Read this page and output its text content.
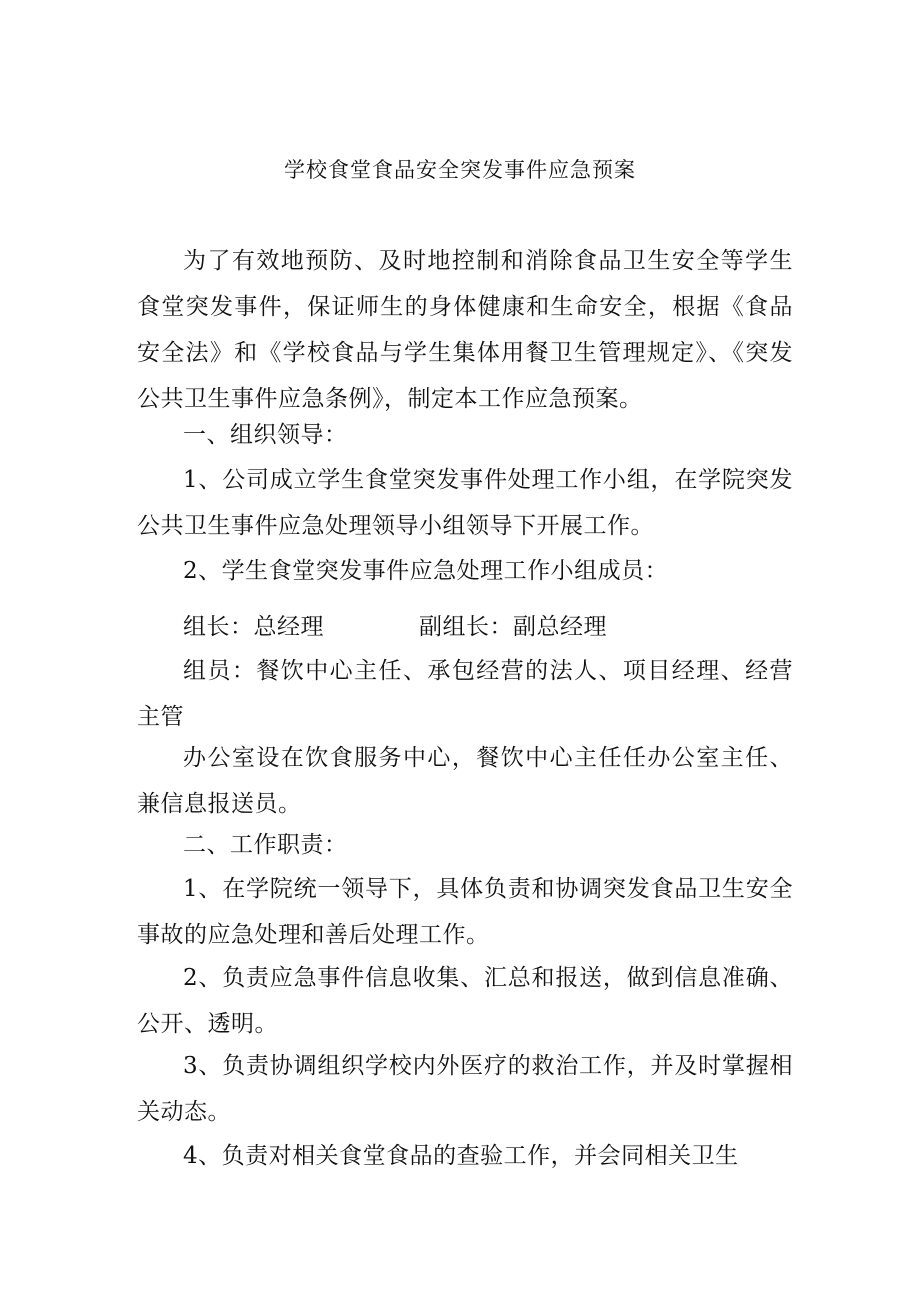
学校食堂食品安全突发事件应急预案

为了有效地预防、及时地控制和消除食品卫生安全等学生食堂突发事件，保证师生的身体健康和生命安全，根据《食品安全法》和《学校食品与学生集体用餐卫生管理规定》、《突发公共卫生事件应急条例》，制定本工作应急预案。

一、组织领导：

1、公司成立学生食堂突发事件处理工作小组，在学院突发公共卫生事件应急处理领导小组领导下开展工作。

2、学生食堂突发事件应急处理工作小组成员：

组长：总经理	副组长：副总经理

组员：餐饮中心主任、承包经营的法人、项目经理、经营主管

办公室设在饮食服务中心，餐饮中心主任任办公室主任、兼信息报送员。

二、工作职责：

1、在学院统一领导下，具体负责和协调突发食品卫生安全事故的应急处理和善后处理工作。

2、负责应急事件信息收集、汇总和报送，做到信息准确、公开、透明。

3、负责协调组织学校内外医疗的救治工作，并及时掌握相关动态。

4、负责对相关食堂食品的查验工作，并会同相关卫生
